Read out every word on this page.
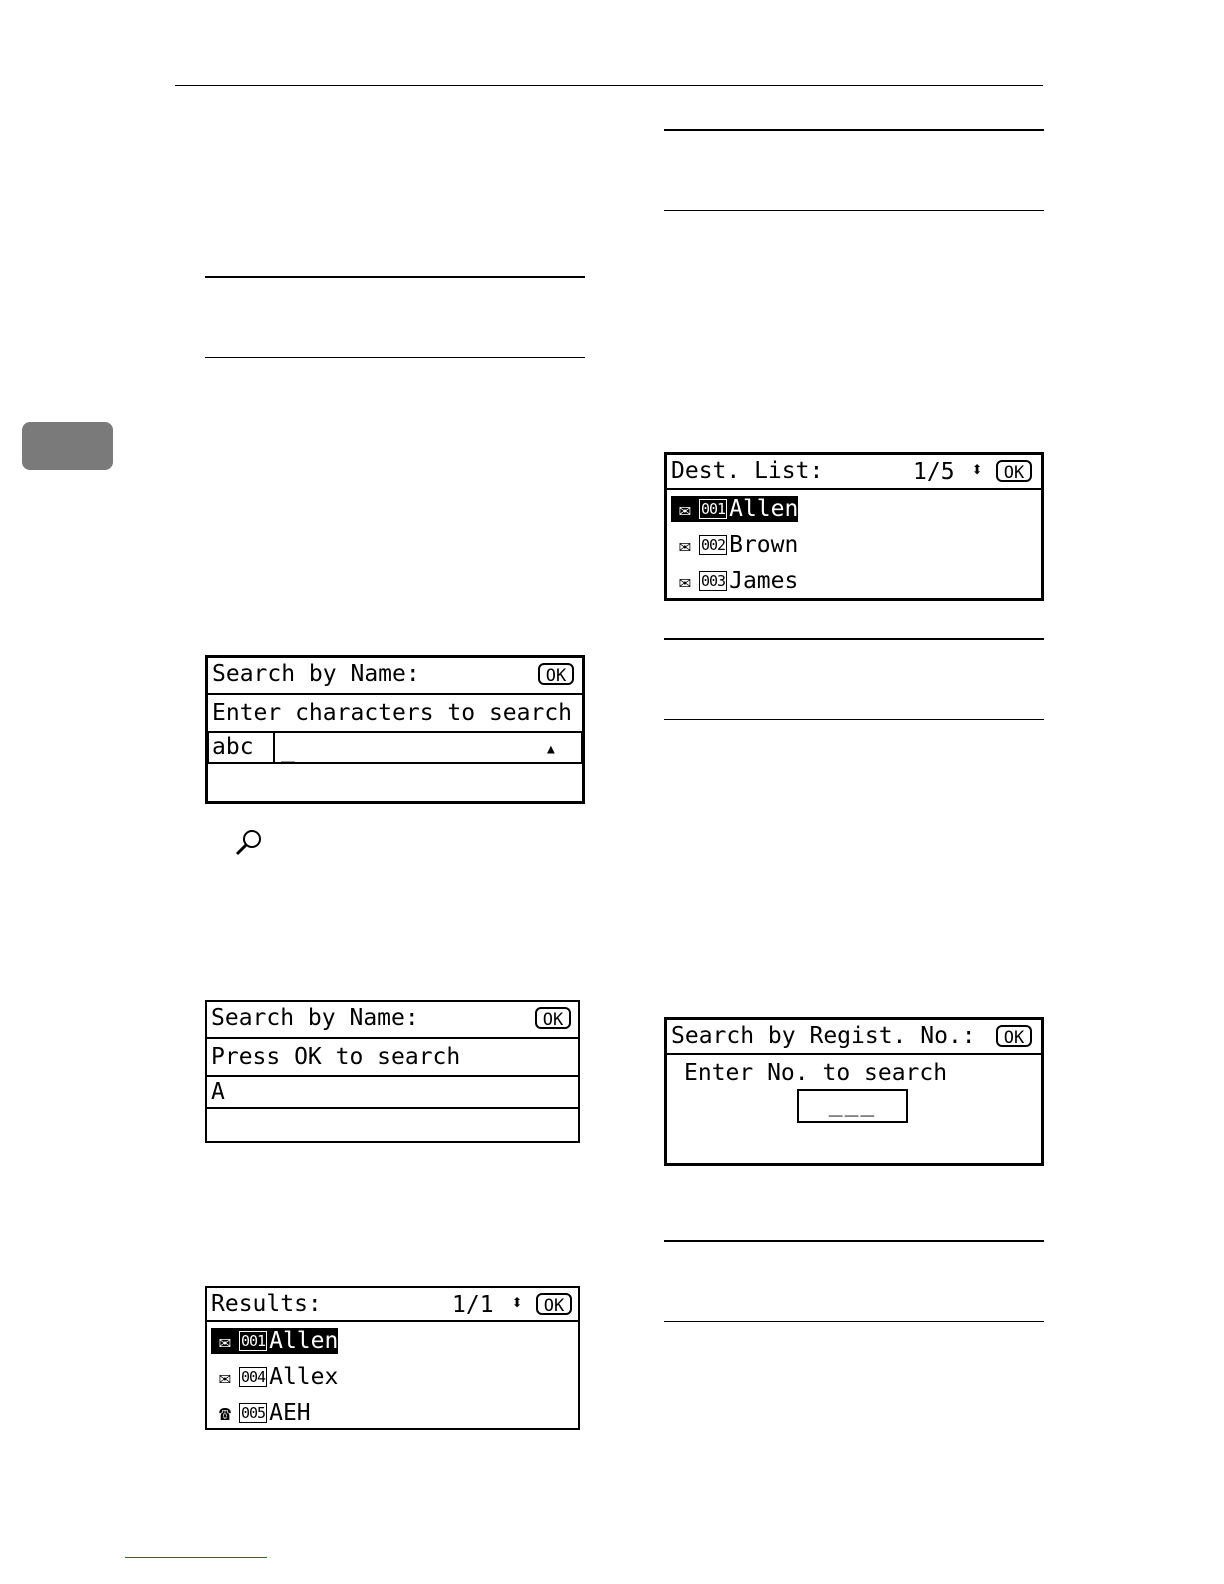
Search by Name:

	OK

Enter characters to search

abc

_

	▲

Search by Name:

	OK

Press OK to search

A

Results:

	1/1

⬍

	OK

✉ 001 Allen
✉ 004 Allex
☎ 005 AEH

Dest. List:

	1/5

⬍

	OK

✉ 001 Allen
✉ 002 Brown
✉ 003 James

Search by Regist. No.:

	OK

Enter No. to search

___
